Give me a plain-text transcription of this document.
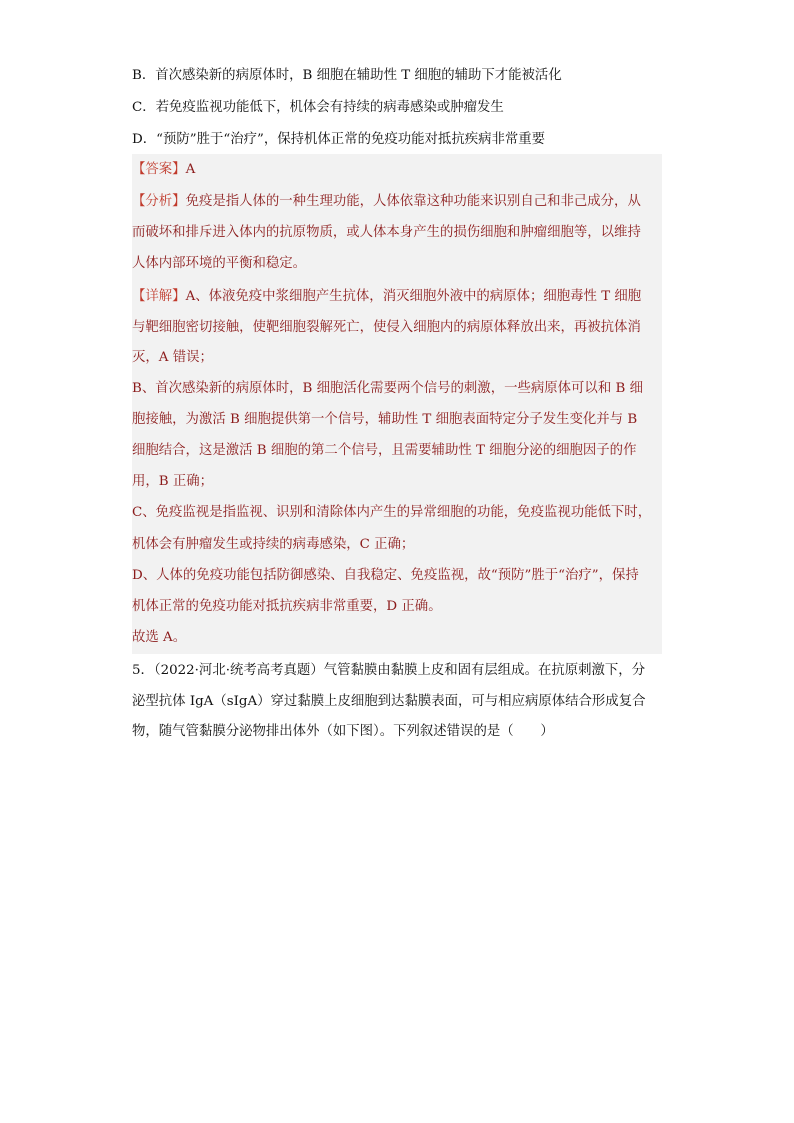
B．首次感染新的病原体时，B 细胞在辅助性 T 细胞的辅助下才能被活化
C．若免疫监视功能低下，机体会有持续的病毒感染或肿瘤发生
D．“预防”胜于“治疗”，保持机体正常的免疫功能对抵抗疾病非常重要
【答案】A
【分析】免疫是指人体的一种生理功能，人体依靠这种功能来识别自己和非己成分，从
而破坏和排斥进入体内的抗原物质，或人体本身产生的损伤细胞和肿瘤细胞等，以维持
人体内部环境的平衡和稳定。
【详解】A、体液免疫中浆细胞产生抗体，消灭细胞外液中的病原体；细胞毒性 T 细胞
与靶细胞密切接触，使靶细胞裂解死亡，使侵入细胞内的病原体释放出来，再被抗体消
灭，A 错误；
B、首次感染新的病原体时，B 细胞活化需要两个信号的刺激，一些病原体可以和 B 细
胞接触，为激活 B 细胞提供第一个信号，辅助性 T 细胞表面特定分子发生变化并与 B
细胞结合，这是激活 B 细胞的第二个信号，且需要辅助性 T 细胞分泌的细胞因子的作
用，B 正确；
C、免疫监视是指监视、识别和清除体内产生的异常细胞的功能，免疫监视功能低下时，
机体会有肿瘤发生或持续的病毒感染，C 正确；
D、人体的免疫功能包括防御感染、自我稳定、免疫监视，故“预防”胜于“治疗”，保持
机体正常的免疫功能对抵抗疾病非常重要，D 正确。
故选 A。
5．（2022·河北·统考高考真题）气管黏膜由黏膜上皮和固有层组成。在抗原刺激下，分
泌型抗体 IgA（sIgA）穿过黏膜上皮细胞到达黏膜表面，可与相应病原体结合形成复合
物，随气管黏膜分泌物排出体外（如下图）。下列叙述错误的是（　　）
